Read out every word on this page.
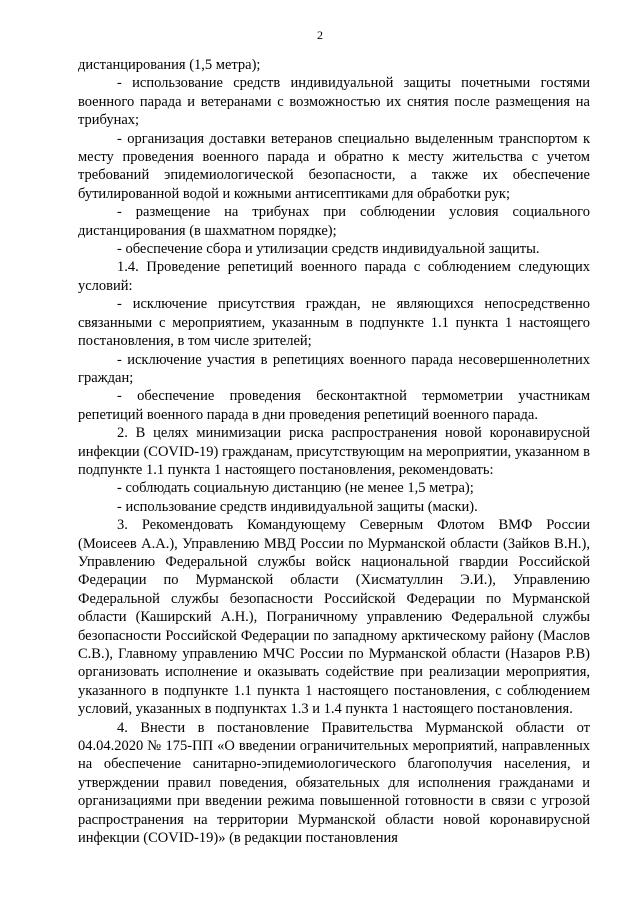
2

дистанцирования (1,5 метра);

- использование средств индивидуальной защиты почетными гостями военного парада и ветеранами с возможностью их снятия после размещения на трибунах;

- организация доставки ветеранов специально выделенным транспортом к месту проведения военного парада и обратно к месту жительства с учетом требований эпидемиологической безопасности, а также их обеспечение бутилированной водой и кожными антисептиками для обработки рук;

- размещение на трибунах при соблюдении условия социального дистанцирования (в шахматном порядке);

- обеспечение сбора и утилизации средств индивидуальной защиты.

1.4. Проведение репетиций военного парада с соблюдением следующих условий:

- исключение присутствия граждан, не являющихся непосредственно связанными с мероприятием, указанным в подпункте 1.1 пункта 1 настоящего постановления, в том числе зрителей;

- исключение участия в репетициях военного парада несовершеннолетних граждан;

- обеспечение проведения бесконтактной термометрии участникам репетиций военного парада в дни проведения репетиций военного парада.

2. В целях минимизации риска распространения новой коронавирусной инфекции (COVID-19) гражданам, присутствующим на мероприятии, указанном в подпункте 1.1 пункта 1 настоящего постановления, рекомендовать:

- соблюдать социальную дистанцию (не менее 1,5 метра);

- использование средств индивидуальной защиты (маски).

3. Рекомендовать Командующему Северным Флотом ВМФ России (Моисеев А.А.), Управлению МВД России по Мурманской области (Зайков В.Н.), Управлению Федеральной службы войск национальной гвардии Российской Федерации по Мурманской области (Хисматуллин Э.И.), Управлению Федеральной службы безопасности Российской Федерации по Мурманской области (Каширский А.Н.), Пограничному управлению Федеральной службы безопасности Российской Федерации по западному арктическому району (Маслов С.В.), Главному управлению МЧС России по Мурманской области (Назаров Р.В) организовать исполнение и оказывать содействие при реализации мероприятия, указанного в подпункте 1.1 пункта 1 настоящего постановления, с соблюдением условий, указанных в подпунктах 1.3 и 1.4 пункта 1 настоящего постановления.

4. Внести в постановление Правительства Мурманской области от 04.04.2020 № 175-ПП «О введении ограничительных мероприятий, направленных на обеспечение санитарно-эпидемиологического благополучия населения, и утверждении правил поведения, обязательных для исполнения гражданами и организациями при введении режима повышенной готовности в связи с угрозой распространения на территории Мурманской области новой коронавирусной инфекции (COVID-19)» (в редакции постановления
